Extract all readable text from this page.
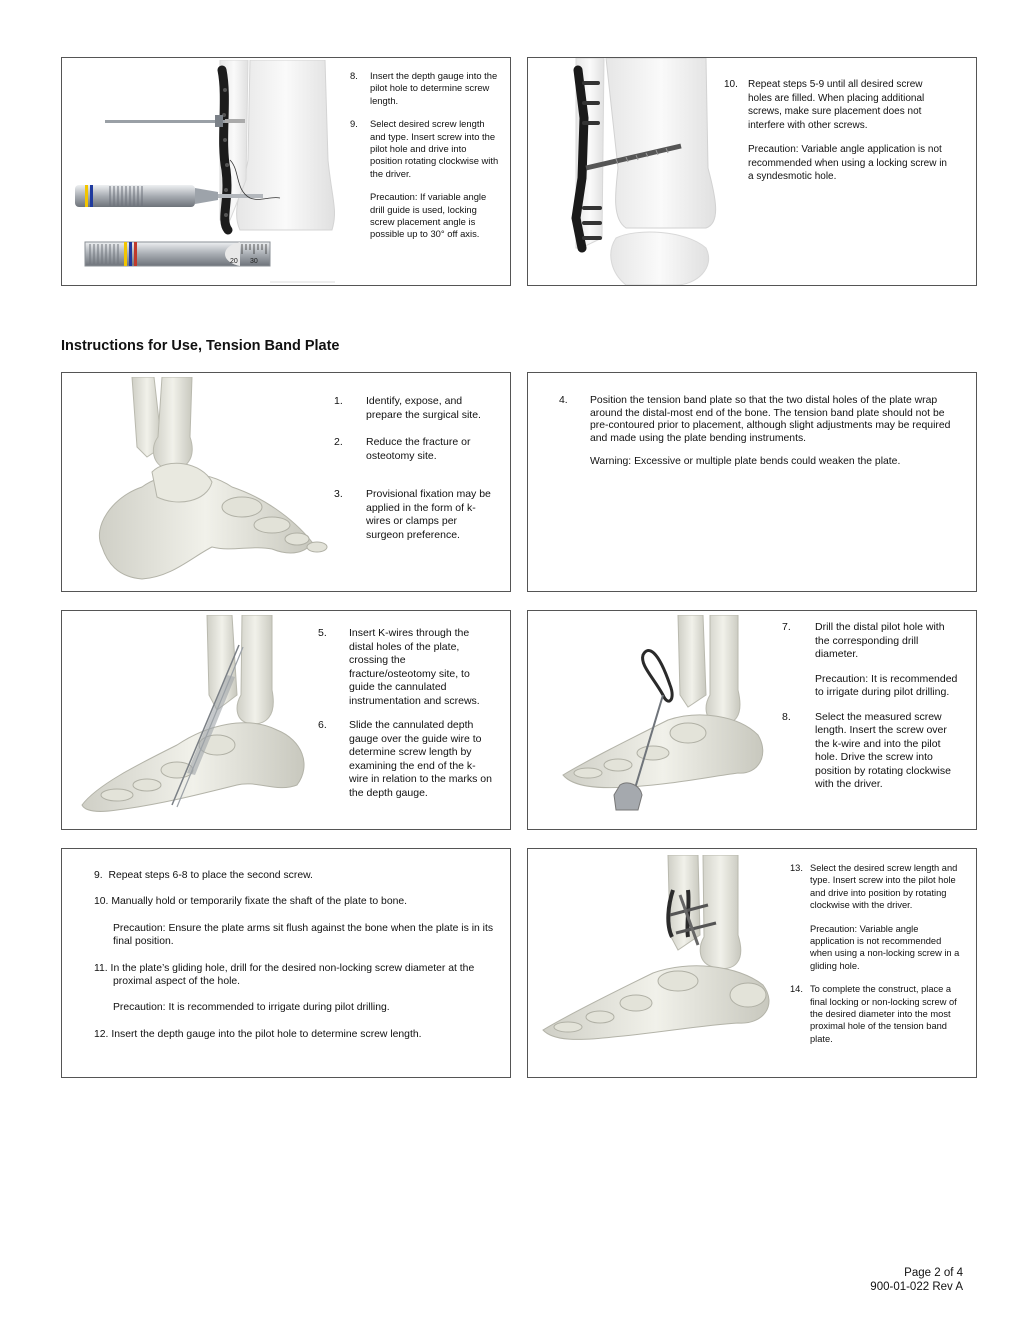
20 30
8.	Insert the depth gauge into the pilot hole to determine screw length.
9.	Select desired screw length and type. Insert screw into the pilot hole and drive into position rotating clockwise with the driver.
Precaution: If variable angle drill guide is used, locking screw placement angle is possible up to 30° off axis.
10.	Repeat steps 5-9 until all desired screw holes are filled. When placing additional screws, make sure placement does not interfere with other screws.
Precaution: Variable angle application is not recommended when using a locking screw in a syndesmotic hole.
Instructions for Use, Tension Band Plate
1.	Identify, expose, and prepare the surgical site.
2.	Reduce the fracture or osteotomy site.
3.	Provisional fixation may be applied in the form of k-wires or clamps per surgeon preference.
4.	Position the tension band plate so that the two distal holes of the plate wrap around the distal-most end of the bone. The tension band plate should not be pre-contoured prior to placement, although slight adjustments may be required and made using the plate bending instruments.
Warning: Excessive or multiple plate bends could weaken the plate.
5.	Insert K-wires through the distal holes of the plate, crossing the fracture/osteotomy site, to guide the cannulated instrumentation and screws.
6.	Slide the cannulated depth gauge over the guide wire to determine screw length by examining the end of the k-wire in relation to the marks on the depth gauge.
7.	Drill the distal pilot hole with the corresponding drill diameter.
Precaution: It is recommended to irrigate during pilot drilling.
8.	Select the measured screw length. Insert the screw over the k-wire and into the pilot hole. Drive the screw into position by rotating clockwise with the driver.
9.  Repeat steps 6-8 to place the second screw.
10. Manually hold or temporarily fixate the shaft of the plate to bone.
Precaution: Ensure the plate arms sit flush against the bone when the plate is in its final position.
11. In the plate’s gliding hole, drill for the desired non-locking screw diameter at the proximal aspect of the hole.
Precaution: It is recommended to irrigate during pilot drilling.
12. Insert the depth gauge into the pilot hole to determine screw length.
13. Select the desired screw length and type. Insert screw into the pilot hole and drive into position by rotating clockwise with the driver.
Precaution: Variable angle application is not recommended when using a non-locking screw in a gliding hole.
14. To complete the construct, place a final locking or non-locking screw of the desired diameter into the most proximal hole of the tension band plate.
Page 2 of 4
900-01-022 Rev A
